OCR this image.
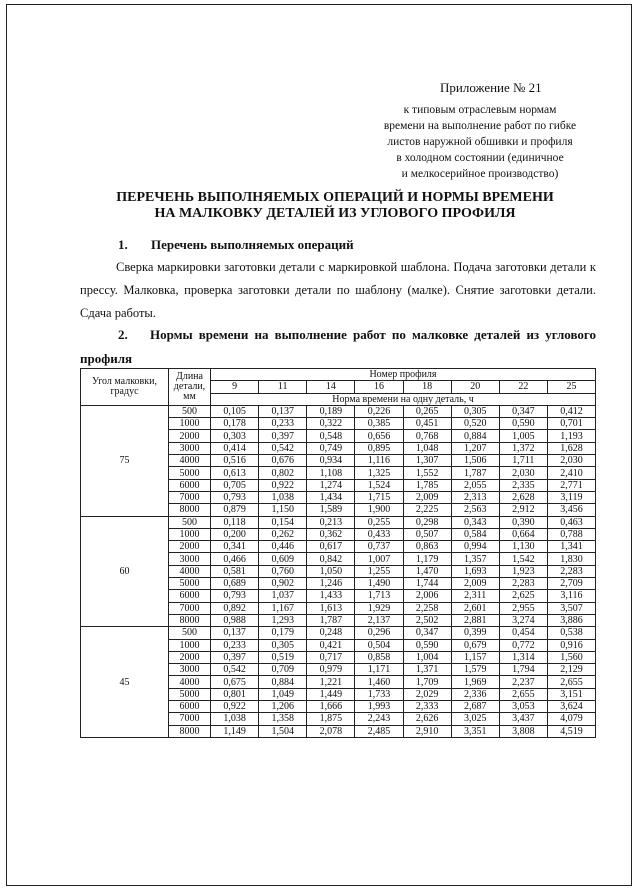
Приложение № 21
к типовым отраслевым нормам
времени на выполнение работ по гибке
листов наружной обшивки и профиля
в холодном состоянии (единичное
и мелкосерийное производство)
ПЕРЕЧЕНЬ ВЫПОЛНЯЕМЫХ ОПЕРАЦИЙ И НОРМЫ ВРЕМЕНИ
НА МАЛКОВКУ ДЕТАЛЕЙ ИЗ УГЛОВОГО ПРОФИЛЯ
1. Перечень выполняемых операций
Сверка маркировки заготовки детали с маркировкой шаблона. Подача заготовки детали к прессу. Малковка, проверка заготовки детали по шаблону (малке). Снятие заготовки детали. Сдача работы.
2.	Нормы времени на выполнение работ по малковке деталей из углового профиля
Угол малковки, градус	Длина детали, мм	Номер профиля							
		9	11	14	16	18	20	22	25
		Норма времени на одну деталь, ч							
75	500	0,105	0,137	0,189	0,226	0,265	0,305	0,347	0,412
	1000	0,178	0,233	0,322	0,385	0,451	0,520	0,590	0,701
	2000	0,303	0,397	0,548	0,656	0,768	0,884	1,005	1,193
	3000	0,414	0,542	0,749	0,895	1,048	1,207	1,372	1,628
	4000	0,516	0,676	0,934	1,116	1,307	1,506	1,711	2,030
	5000	0,613	0,802	1,108	1,325	1,552	1,787	2,030	2,410
	6000	0,705	0,922	1,274	1,524	1,785	2,055	2,335	2,771
	7000	0,793	1,038	1,434	1,715	2,009	2,313	2,628	3,119
	8000	0,879	1,150	1,589	1,900	2,225	2,563	2,912	3,456
60	500	0,118	0,154	0,213	0,255	0,298	0,343	0,390	0,463
	1000	0,200	0,262	0,362	0,433	0,507	0,584	0,664	0,788
	2000	0,341	0,446	0,617	0,737	0,863	0,994	1,130	1,341
	3000	0,466	0,609	0,842	1,007	1,179	1,357	1,542	1,830
	4000	0,581	0,760	1,050	1,255	1,470	1,693	1,923	2,283
	5000	0,689	0,902	1,246	1,490	1,744	2,009	2,283	2,709
	6000	0,793	1,037	1,433	1,713	2,006	2,311	2,625	3,116
	7000	0,892	1,167	1,613	1,929	2,258	2,601	2,955	3,507
	8000	0,988	1,293	1,787	2,137	2,502	2,881	3,274	3,886
45	500	0,137	0,179	0,248	0,296	0,347	0,399	0,454	0,538
	1000	0,233	0,305	0,421	0,504	0,590	0,679	0,772	0,916
	2000	0,397	0,519	0,717	0,858	1,004	1,157	1,314	1,560
	3000	0,542	0,709	0,979	1,171	1,371	1,579	1,794	2,129
	4000	0,675	0,884	1,221	1,460	1,709	1,969	2,237	2,655
	5000	0,801	1,049	1,449	1,733	2,029	2,336	2,655	3,151
	6000	0,922	1,206	1,666	1,993	2,333	2,687	3,053	3,624
	7000	1,038	1,358	1,875	2,243	2,626	3,025	3,437	4,079
	8000	1,149	1,504	2,078	2,485	2,910	3,351	3,808	4,519
